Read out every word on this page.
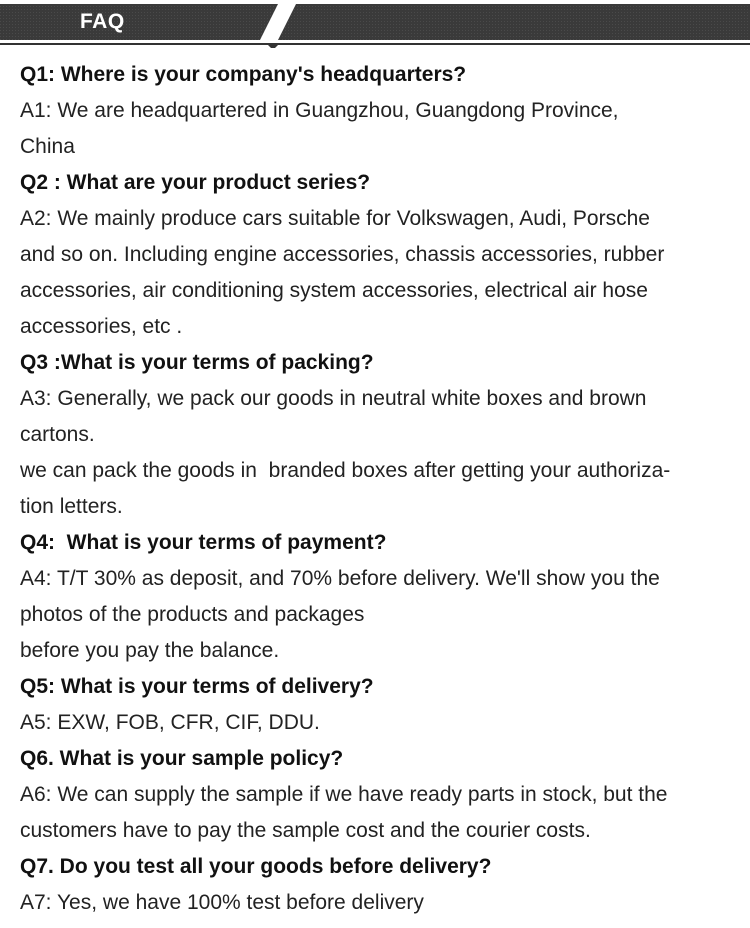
FAQ
Q1: Where is your company's headquarters?
A1: We are headquartered in Guangzhou, Guangdong Province,
China
Q2 : What are your product series?
A2: We mainly produce cars suitable for Volkswagen, Audi, Porsche
and so on. Including engine accessories, chassis accessories, rubber
accessories, air conditioning system accessories, electrical air hose
accessories, etc .
Q3 :What is your terms of packing?
A3: Generally, we pack our goods in neutral white boxes and brown
cartons.
we can pack the goods in  branded boxes after getting your authoriza-
tion letters.
Q4:  What is your terms of payment?
A4: T/T 30% as deposit, and 70% before delivery. We'll show you the
photos of the products and packages
before you pay the balance.
Q5: What is your terms of delivery?
A5: EXW, FOB, CFR, CIF, DDU.
Q6. What is your sample policy?
A6: We can supply the sample if we have ready parts in stock, but the
customers have to pay the sample cost and the courier costs.
Q7. Do you test all your goods before delivery?
A7: Yes, we have 100% test before delivery
